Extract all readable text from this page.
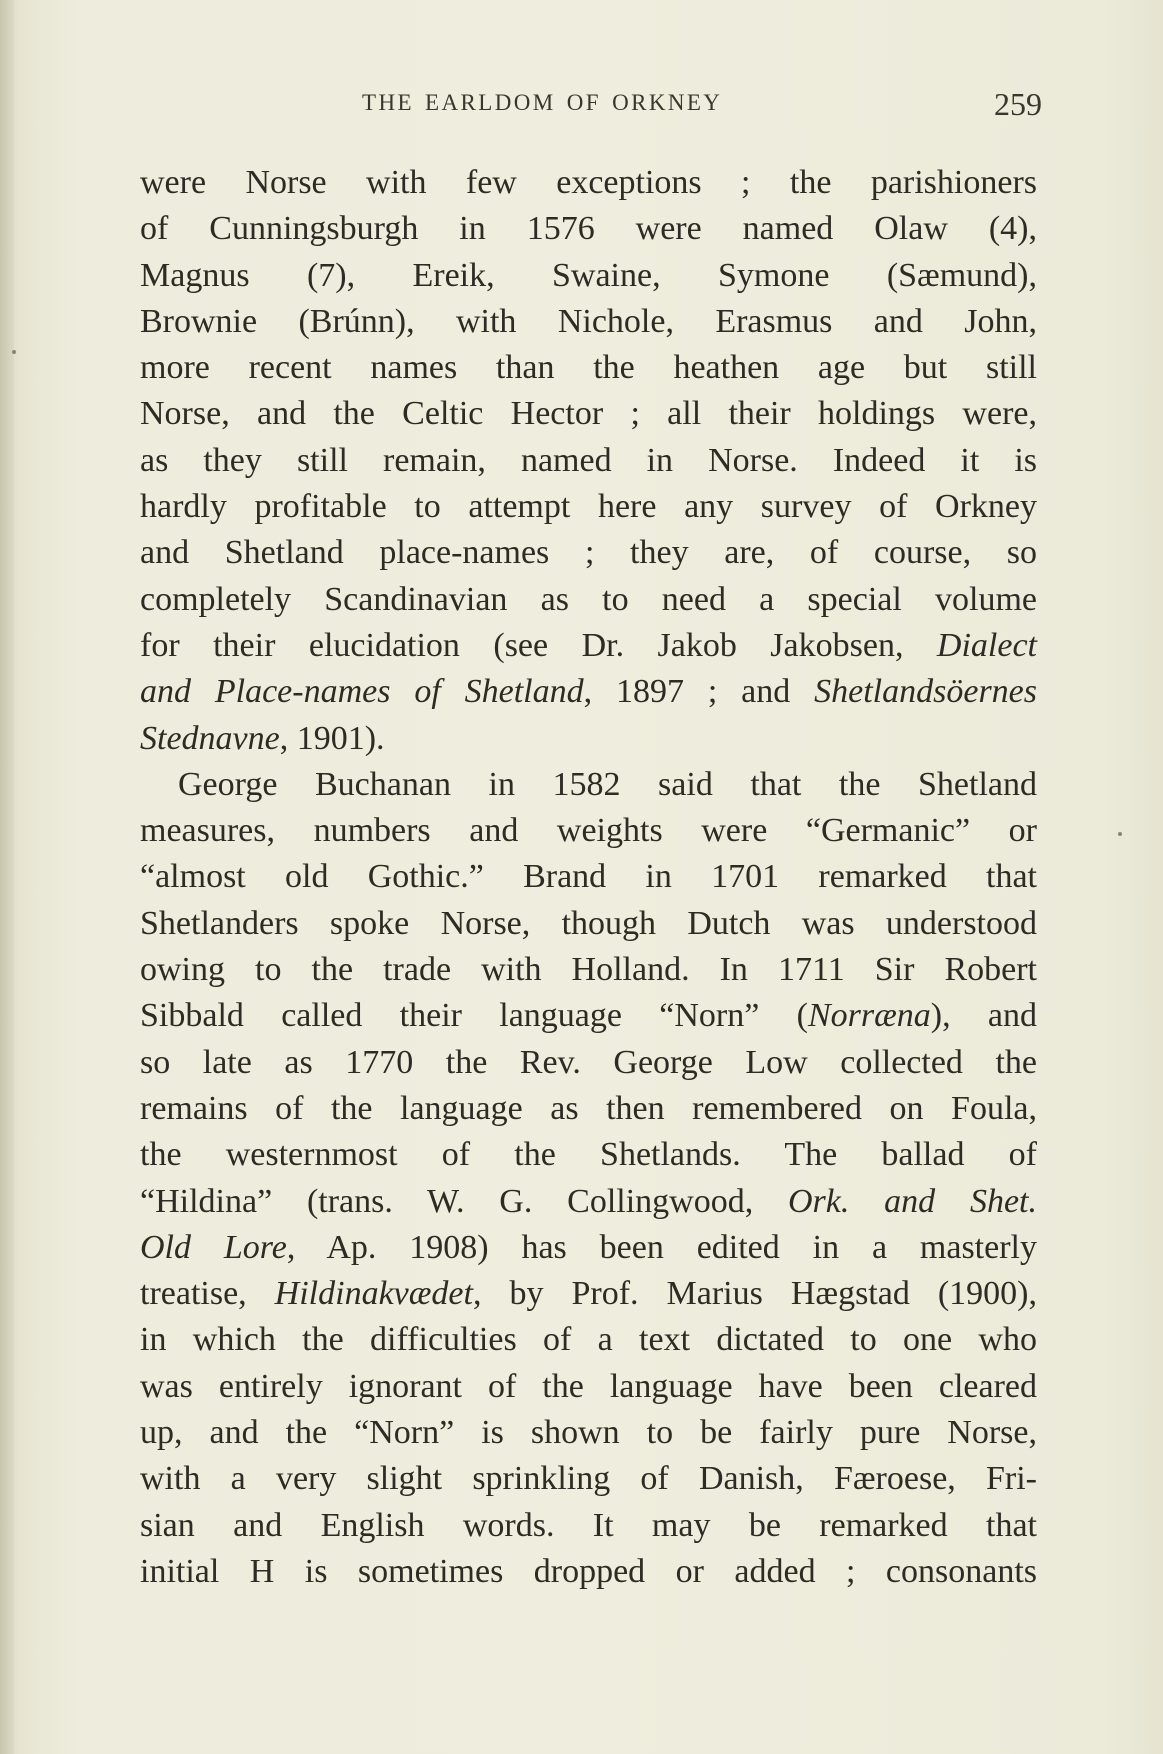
THE EARLDOM OF ORKNEY	259
were Norse with few exceptions ; the parishioners
of Cunningsburgh in 1576 were named Olaw (4),
Magnus (7), Ereik, Swaine, Symone (Sæmund),
Brownie (Brúnn), with Nichole, Erasmus and John,
more recent names than the heathen age but still
Norse, and the Celtic Hector ; all their holdings were,
as they still remain, named in Norse. Indeed it is
hardly profitable to attempt here any survey of Orkney
and Shetland place-names ; they are, of course, so
completely Scandinavian as to need a special volume
for their elucidation (see Dr. Jakob Jakobsen, Dialect
and Place-names of Shetland, 1897 ; and Shetlandsöernes
Stednavne, 1901).
George Buchanan in 1582 said that the Shetland
measures, numbers and weights were “Germanic” or
“almost old Gothic.” Brand in 1701 remarked that
Shetlanders spoke Norse, though Dutch was understood
owing to the trade with Holland. In 1711 Sir Robert
Sibbald called their language “Norn” (Norræna), and
so late as 1770 the Rev. George Low collected the
remains of the language as then remembered on Foula,
the westernmost of the Shetlands. The ballad of
“Hildina” (trans. W. G. Collingwood, Ork. and Shet.
Old Lore, Ap. 1908) has been edited in a masterly
treatise, Hildinakvædet, by Prof. Marius Hægstad (1900),
in which the difficulties of a text dictated to one who
was entirely ignorant of the language have been cleared
up, and the “Norn” is shown to be fairly pure Norse,
with a very slight sprinkling of Danish, Færoese, Fri-
sian and English words. It may be remarked that
initial H is sometimes dropped or added ; consonants
